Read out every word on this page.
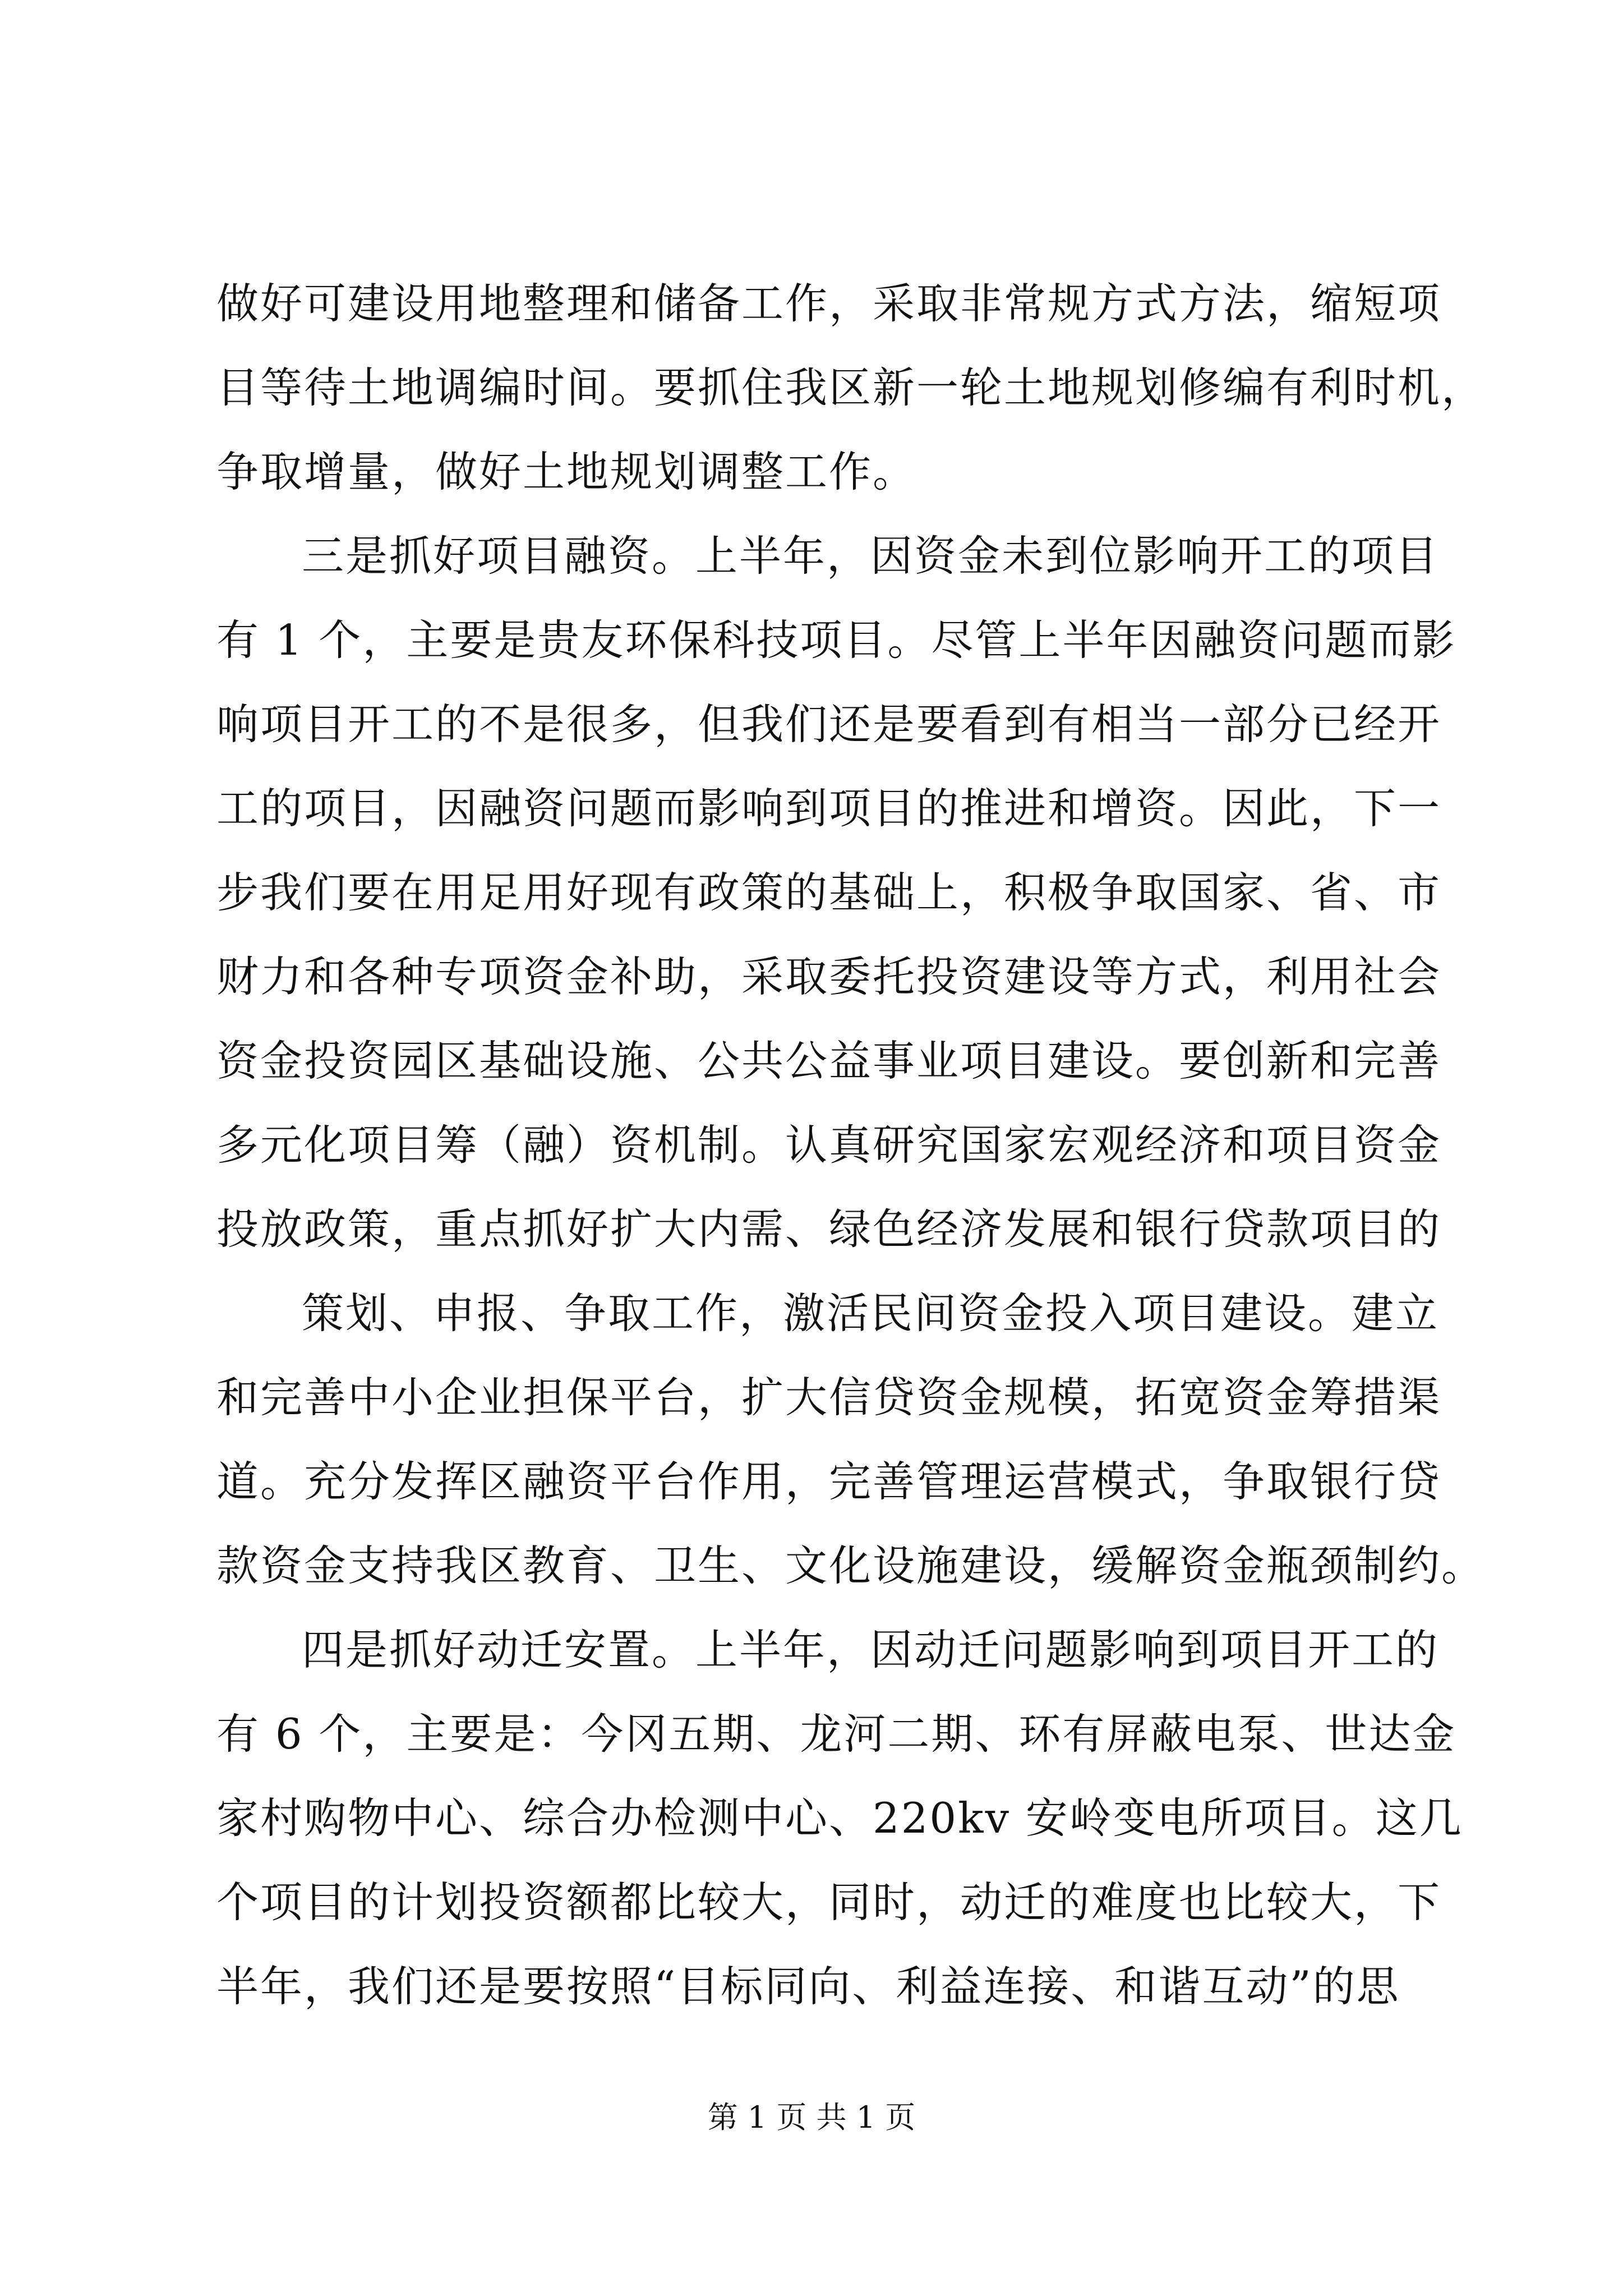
做好可建设用地整理和储备工作，采取非常规方式方法，缩短项
目等待土地调编时间。要抓住我区新一轮土地规划修编有利时机，
争取增量，做好土地规划调整工作。
三是抓好项目融资。上半年，因资金未到位影响开工的项目
有 1 个，主要是贵友环保科技项目。尽管上半年因融资问题而影
响项目开工的不是很多，但我们还是要看到有相当一部分已经开
工的项目，因融资问题而影响到项目的推进和增资。因此，下一
步我们要在用足用好现有政策的基础上，积极争取国家、省、市
财力和各种专项资金补助，采取委托投资建设等方式，利用社会
资金投资园区基础设施、公共公益事业项目建设。要创新和完善
多元化项目筹（融）资机制。认真研究国家宏观经济和项目资金
投放政策，重点抓好扩大内需、绿色经济发展和银行贷款项目的
策划、申报、争取工作，激活民间资金投入项目建设。建立
和完善中小企业担保平台，扩大信贷资金规模，拓宽资金筹措渠
道。充分发挥区融资平台作用，完善管理运营模式，争取银行贷
款资金支持我区教育、卫生、文化设施建设，缓解资金瓶颈制约。
四是抓好动迁安置。上半年，因动迁问题影响到项目开工的
有 6 个，主要是：今冈五期、龙河二期、环有屏蔽电泵、世达金
家村购物中心、综合办检测中心、220kv 安岭变电所项目。这几
个项目的计划投资额都比较大，同时，动迁的难度也比较大，下
半年，我们还是要按照“目标同向、利益连接、和谐互动”的思
第 1 页 共 1 页
